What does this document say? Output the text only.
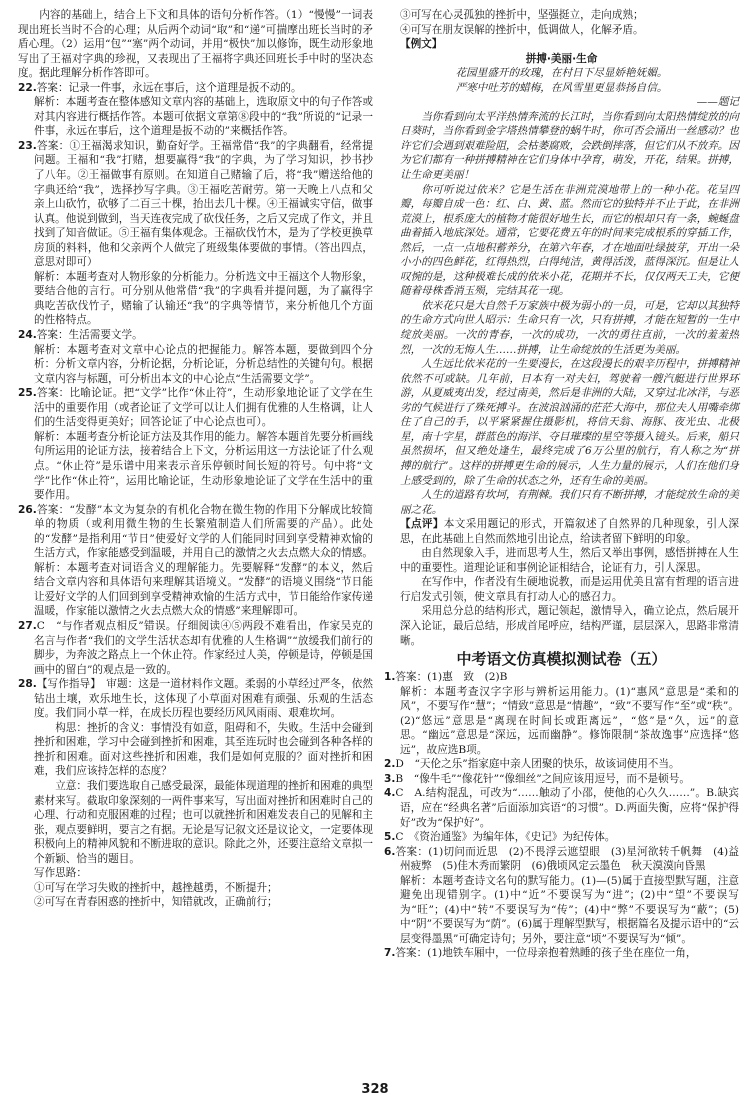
内容的基础上，结合上下文和具体的语句分析作答。（1）“慢慢”一词表现出班长当时不合的心理；从后两个动词“取”和“递”可揣摩出班长当时的矛盾心理。（2）运用“包”“塞”两个动词，并用“极快”加以修饰，既生动形象地写出了王福对字典的珍视，又表现出了王福将字典还回班长手中时的坚决态度。据此理解分析作答即可。

22.答案：记录一件事，永远在事后，这个道理是扳不动的。

解析：本题考查在整体感知文章内容的基础上，选取原文中的句子作答或对其内容进行概括作答。本题可依据文章第⑧段中的“我”所说的“记录一件事，永远在事后，这个道理是扳不动的”来概括作答。

23.答案：①王福渴求知识，勤奋好学。王福常借“我”的字典翻看，经常提问题。王福和“我”打赌，想要赢得“我”的字典，为了学习知识，抄书抄了八年。②王福做事有原则。在知道自己赌输了后，将“我”赠送给他的字典还给“我”，选择抄写字典。③王福吃苦耐劳。第一天晚上八点和父亲上山砍竹，砍够了二百三十棵，抬出去几十棵。④王福诚实守信，做事认真。他说到做到，当天连夜完成了砍伐任务，之后又完成了作文，并且找到了知音做证。⑤王福有集体观念。王福砍伐竹木，是为了学校更换草房顶的料料，他和父亲两个人做完了班级集体要做的事情。（答出四点，意思对即可）

解析：本题考查对人物形象的分析能力。分析选文中王福这个人物形象，要结合他的言行。可分别从他常借“我”的字典看并提问题，为了赢得字典吃苦砍伐竹子，赌输了认输还“我”的字典等情节，来分析他几个方面的性格特点。

24.答案：生活需要文学。

解析：本题考查对文章中心论点的把握能力。解答本题，要做到四个分析：分析文章内容，分析论据，分析论证，分析总结性的关键句句。根据文章内容与标题，可分析出本文的中心论点“生活需要文学”。

25.答案：比喻论证。把“文学”比作“休止符”，生动形象地论证了文学在生活中的重要作用（或者论证了文学可以让人们拥有优雅的人生格调，让人们的生活变得更美好；回答论证了中心论点也可）。

解析：本题考查分析论证方法及其作用的能力。解答本题首先要分析画线句所运用的论证方法，接着结合上下文，分析运用这一方法论证了什么观点。“休止符”是乐谱中用来表示音乐停顿时间长短的符号。句中将“文学”比作“休止符”，运用比喻论证，生动形象地论证了文学在生活中的重要作用。

26.答案：“发酵”本文为复杂的有机化合物在微生物的作用下分解成比较简单的物质（或利用微生物的生长繁殖制造人们所需要的产品）。此处的“发酵”是指利用“节日”使爱好文学的人们能同时回到享受精神欢愉的生活方式，作家能感受到温暖，并用自己的激情之火去点燃大众的情感。

解析：本题考查对词语含义的理解能力。先要解释“发酵”的本义，然后结合文章内容和具体语句来理解其语境义。“发酵”的语境义围绕“节日能让爱好文学的人们回到到享受精神欢愉的生活方式中，节日能给作家传递温暖，作家能以激情之火去点燃大众的情感”来理解即可。

27.C　“与作者观点相反”错误。仔细阅读④⑤两段不难看出，作家吴克的名言与作者“我们的文学生活状态却有优雅的人生格调”“放缓我们前行的脚步，为奔波之路点上一个休止符。作家经过人美，停顿是诗，停顿是国画中的留白”的观点是一致的。

28.【写作指导】　审题：这是一道材料作文题。柔弱的小草经过严冬，依然钻出土壤，欢乐地生长，这体现了小草面对困难有顽强、乐观的生活态度。我们同小草一样，在成长历程也要经历风风雨雨、艰难坎坷。

构思：挫折的含义：事情没有如意，阻碍和不，失败。生活中会碰到挫折和困难，学习中会碰到挫折和困难，其至连玩时也会碰到各种各样的挫折和困难。面对这些挫折和困难，我们是如何克服的？面对挫折和困难，我们应该持怎样的态度？

立意：我们要选取自己感受最深，最能体现道理的挫折和困难的典型素材来写。截取印象深刻的一两件事来写，写出面对挫折和困难时自己的心理、行动和克服困难的过程；也可以就挫折和困难发表自己的见解和主张，观点要鲜明，要言之有据。无论是写记叙文还是议论文，一定要体现积极向上的精神风貌和不断进取的意识。除此之外，还要注意给文章拟一个新颖、恰当的题目。

写作思路：

①可写在学习失败的挫折中，越挫越勇，不断提升；

②可写在青春困惑的挫折中，知错就改，正确前行；

③可写在心灵孤独的挫折中，坚强挺立，走向成熟；

④可写在朋友误解的挫折中，低调做人，化解矛盾。

【例文】

拼搏·美丽·生命

花园里盛开的玫瑰，在村日下尽显娇艳妩媚。

严寒中吐芳的蜡梅，在风雪里更显恭扬自信。

——题记

当你看到向太平洋热情奔流的长江时，当你看到向太阳热情绽放的向日葵时，当你看到金字塔热情攀登的蜗牛时，你可否会涌出一丝感动？也许它们会遇到艰难险阻，会枯萎腐败，会跌倒摔落，但它们从不放弃。因为它们都有一种拼搏精神在它们身体中孕育，萌发，开花，结果。拼搏，让生命更美丽！

你可听说过依米？它是生活在非洲荒漠地带上的一种小花。花呈四瓣，每瓣自成一色：红、白、黄、蓝。然而它的独特并不止于此，在非洲荒漠上，根系庞大的植物才能很好地生长，而它的根却只有一条，蜿蜒盘曲着插入地底深处。通常，它要花费五年的时间来完成根系的穿插工作，然后，一点一点地积蓄养分，在第六年春，才在地面吐绿披芽，开出一朵小小的四色鲜花，红得热烈，白得纯洁，黄得活泼，蓝得深沉。但是让人叹惋的是，这种极难长成的依米小花，花期并不长，仅仅两天工夫，它便随着母株香消玉殒，完结其花一现。

依米花只是大自然千万家族中极为弱小的一员，可是，它却以其独特的生命方式向世人昭示：生命只有一次，只有拼搏，才能在短暂的一生中绽放美丽。一次的青春，一次的成功，一次的勇往直前，一次的羞羞热烈，一次的无悔人生……拼搏，让生命绽放的生活更为美丽。

人生远比依米花的一生要漫长，在这段漫长的艰辛历程中，拼搏精神依然不可或缺。几年前，日本有一对夫妇，驾驶着一艘汽艇进行世界环游，从夏威夷出发，经过南美，然后是非洲的大陆，又穿过北冰洋，与恶劣的气候进行了殊死搏斗。在波浪汹涌的茫茫大海中，那位夫人用嘴牵绑住了自己的手，以平紧紧握住摄影机，将信天翁、海豚、夜光虫、北极星，南十字星，群蓝色的海洋、夺目璀璨的星空等摄入镜头。后来，船只虽然损坏，但又绝处逢生，最终完成了6万公里的航行，有人称之为“拼搏的航行”。这样的拼搏更生命的展示，人生力量的展示，人们在他们身上感受到的，除了生命的状态之外，还有生命的美丽。

人生的道路有坎坷，有荆棘。我们只有不断拼搏，才能绽放生命的美丽之花。

【点评】本文采用题记的形式，开篇叙述了自然界的几种现象，引人深思，在此基础上自然而然地引出论点，给读者留下鲜明的印象。

由自然现象入手，进而思考人生，然后又举出事例，感悟拼搏在人生中的重要性。道理论证和事例论证相结合，论证有力，引人深思。

在写作中，作者没有生硬地说教，而是运用优美且富有哲理的语言进行启发式引领，使文章具有打动人心的感召力。

采用总分总的结构形式，题记领起，激情导入，确立论点，然后展开深入论证，最后总结，形成首尾呼应，结构严谨，层层深入，思路非常清晰。

中考语文仿真模拟测试卷（五）

1.答案：(1)惠　致　(2)B

解析：本题考查汉字字形与辨析运用能力。(1)“惠风”意思是“柔和的风”，不要写作“慧”；“情致”意思是“情趣”，“致”不要写作“至”或“秩”。(2)“悠远”意思是“离现在时间长或距离远”，“悠”是“久，远”的意思。“幽远”意思是“深远，远而幽静”。修饰限制“茶故逸事”应选择“悠远”，故应选B项。

2.D　“天伦之乐”指家庭中亲人团聚的快乐，故该词使用不当。

3.B　“像牛毛”“像花针”“像细丝”之间应该用逗号，而不是顿号。

4.C　A.结构混乱，可改为“……触动了小邵，使他的心久久……”。B.缺宾语，应在“经典名著”后面添加宾语“的习惯”。D.两面失衡，应将“保护得好”改为“保护好”。

5.C　《资治通鉴》为编年体，《史记》为纪传体。

6.答案：(1)切问而近思　(2)不畏浮云遮望眼　(3)星河欲转千帆舞　(4)益州疲弊　(5)佳木秀而繁阴　(6)俄顷风定云墨色　秋天漠漠向昏黑

解析：本题考查诗文名句的默写能力。(1)—(5)属于直接型默写题，注意避免出现错别字。(1)中“近”不要误写为“进”；(2)中“望”不要误写为“旺”；(4)中“转”不要误写为“传”；(4)中“弊”不要误写为“蔽”；(5)中“阴”不要误写为“荫”。(6)属于理解型默写，根据篇名及提示语中的“云层变得墨黑”可确定诗句；另外，要注意“顷”不要误写为“倾”。

7.答案：(1)地铁车厢中，一位母亲抱着熟睡的孩子坐在座位一角，

328
